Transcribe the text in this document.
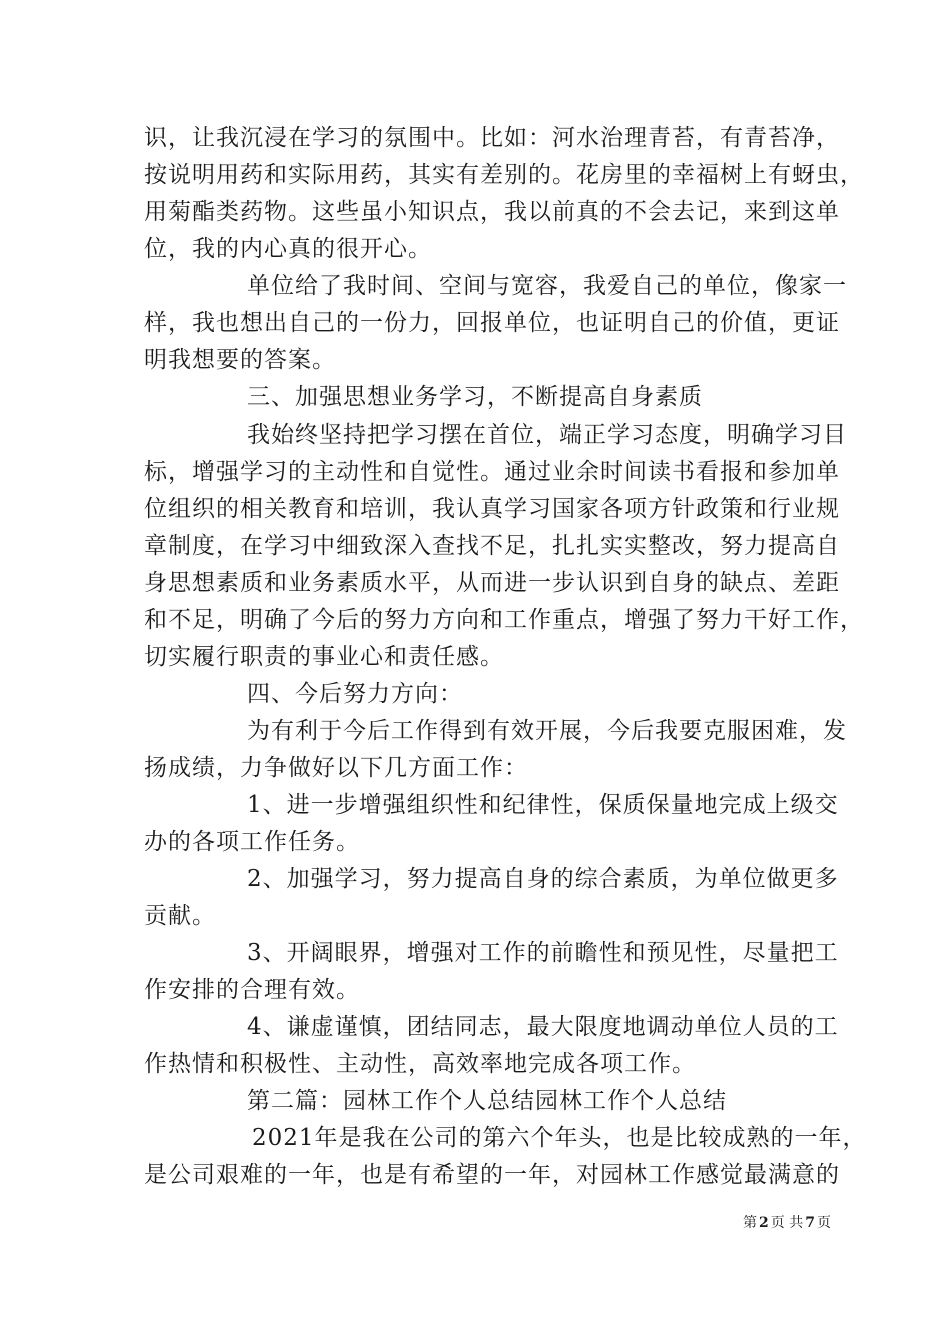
识，让我沉浸在学习的氛围中。比如：河水治理青苔，有青苔净，
按说明用药和实际用药，其实有差别的。花房里的幸福树上有蚜虫，
用菊酯类药物。这些虽小知识点，我以前真的不会去记，来到这单
位，我的内心真的很开心。
单位给了我时间、空间与宽容，我爱自己的单位，像家一
样，我也想出自己的一份力，回报单位，也证明自己的价值，更证
明我想要的答案。
三、加强思想业务学习，不断提高自身素质
我始终坚持把学习摆在首位，端正学习态度，明确学习目
标，增强学习的主动性和自觉性。通过业余时间读书看报和参加单
位组织的相关教育和培训，我认真学习国家各项方针政策和行业规
章制度，在学习中细致深入查找不足，扎扎实实整改，努力提高自
身思想素质和业务素质水平，从而进一步认识到自身的缺点、差距
和不足，明确了今后的努力方向和工作重点，增强了努力干好工作，
切实履行职责的事业心和责任感。
四、今后努力方向：
为有利于今后工作得到有效开展，今后我要克服困难，发
扬成绩，力争做好以下几方面工作：
1、进一步增强组织性和纪律性，保质保量地完成上级交
办的各项工作任务。
2、加强学习，努力提高自身的综合素质，为单位做更多
贡献。
3、开阔眼界，增强对工作的前瞻性和预见性，尽量把工
作安排的合理有效。
4、谦虚谨慎，团结同志，最大限度地调动单位人员的工
作热情和积极性、主动性，高效率地完成各项工作。
第二篇：园林工作个人总结园林工作个人总结
2021年是我在公司的第六个年头，也是比较成熟的一年，
是公司艰难的一年，也是有希望的一年，对园林工作感觉最满意的
第 2 页 共 7 页
